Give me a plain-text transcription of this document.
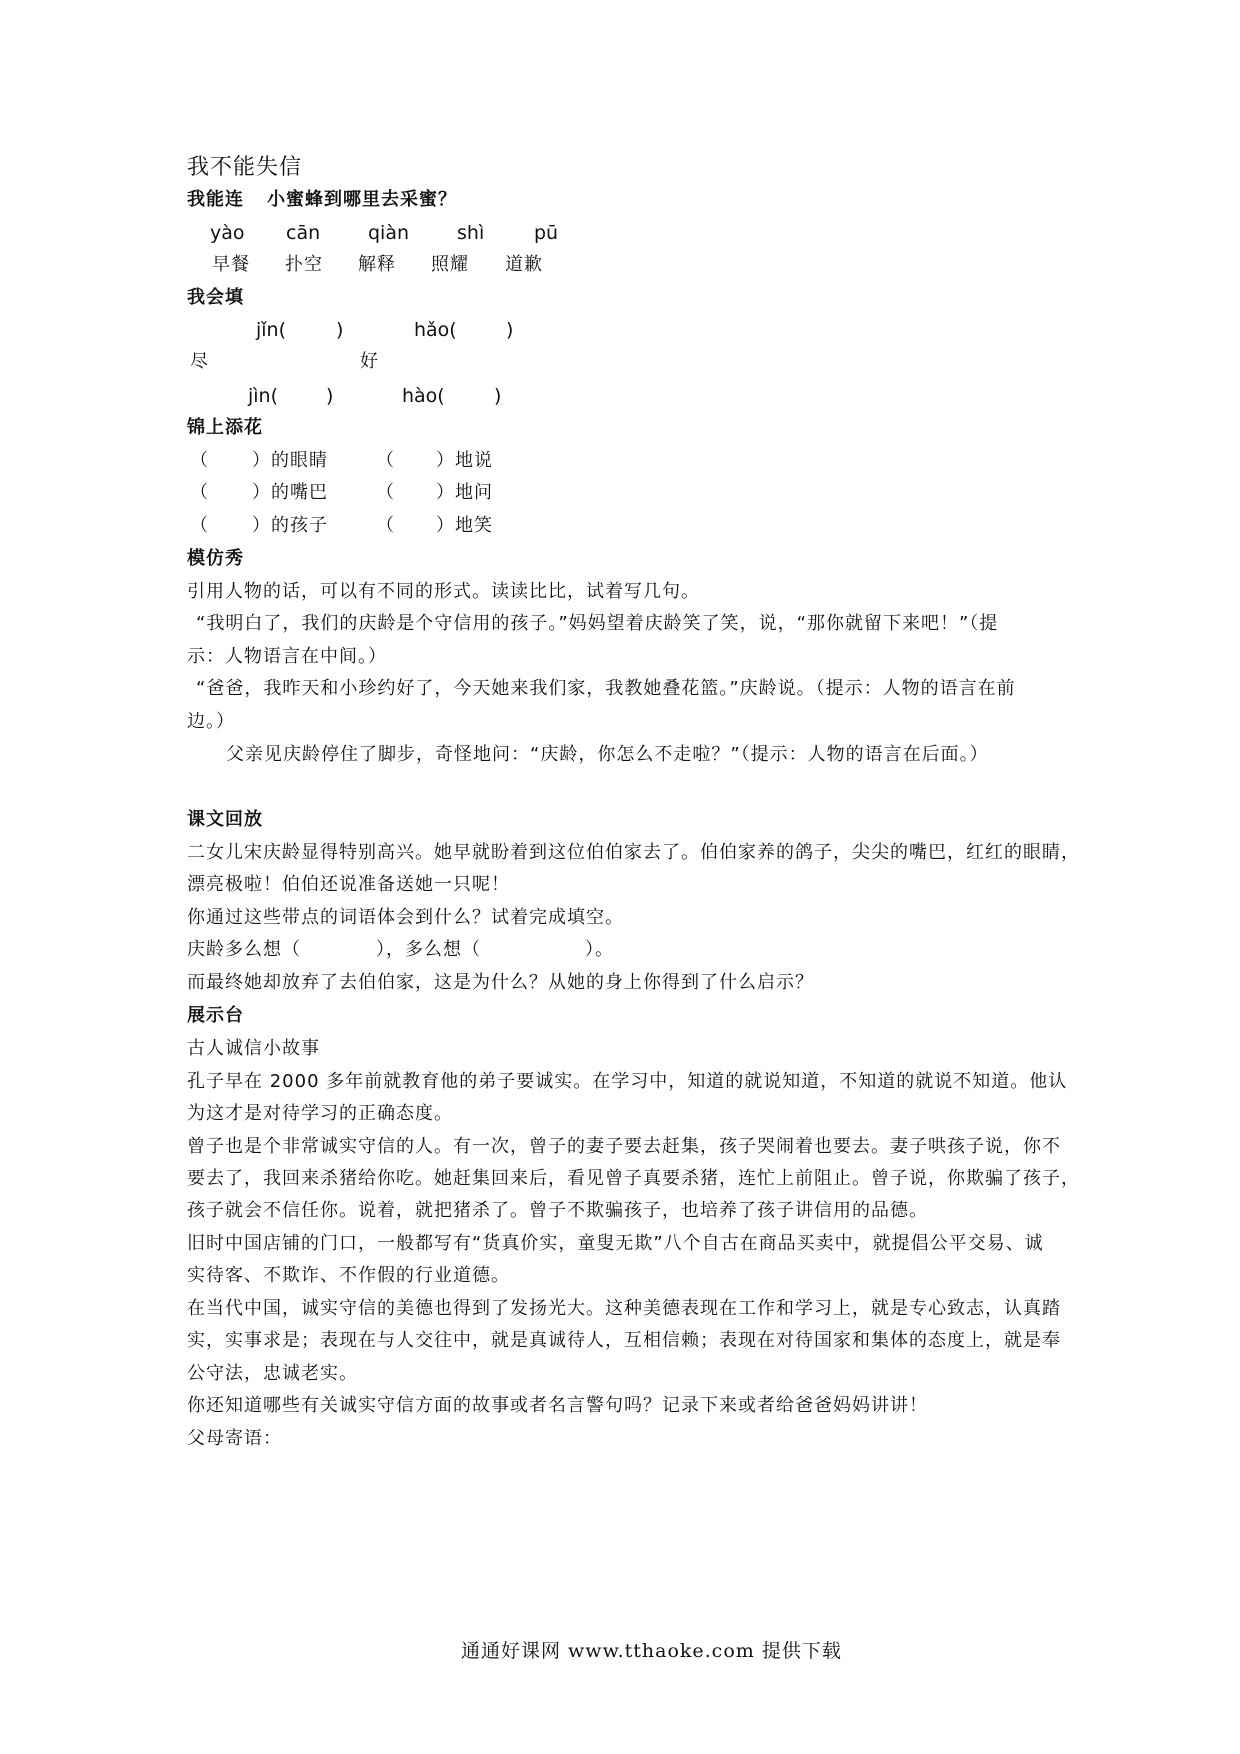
我不能失信
我能连 小蜜蜂到哪里去采蜜？
yào cān	qiàn	shì	pū
早餐 扑空 解释 照耀 道歉
我会填
jǐn(	)	hǎo(	)
尽	好
jìn(	)	hào(	)
锦上添花
（ ）的眼睛	（ ）地说
（ ）的嘴巴	（ ）地问
（ ）的孩子	（ ）地笑
模仿秀
引用人物的话，可以有不同的形式。读读比比，试着写几句。
“我明白了，我们的庆龄是个守信用的孩子。”妈妈望着庆龄笑了笑，说，“那你就留下来吧！”（提
示：人物语言在中间。）
“爸爸，我昨天和小珍约好了，今天她来我们家，我教她叠花篮。”庆龄说。（提示：人物的语言在前
边。）
父亲见庆龄停住了脚步，奇怪地问：“庆龄，你怎么不走啦？”（提示：人物的语言在后面。）
课文回放
二女儿宋庆龄显得特别高兴。她早就盼着到这位伯伯家去了。伯伯家养的鸽子，尖尖的嘴巴，红红的眼睛，
漂亮极啦！伯伯还说准备送她一只呢！
你通过这些带点的词语体会到什么？试着完成填空。
庆龄多么想（	），多么想（	）。
而最终她却放弃了去伯伯家，这是为什么？从她的身上你得到了什么启示？
展示台
古人诚信小故事
孔子早在 2000 多年前就教育他的弟子要诚实。在学习中，知道的就说知道，不知道的就说不知道。他认
为这才是对待学习的正确态度。
曾子也是个非常诚实守信的人。有一次，曾子的妻子要去赶集，孩子哭闹着也要去。妻子哄孩子说，你不
要去了，我回来杀猪给你吃。她赶集回来后，看见曾子真要杀猪，连忙上前阻止。曾子说，你欺骗了孩子，
孩子就会不信任你。说着，就把猪杀了。曾子不欺骗孩子，也培养了孩子讲信用的品德。
旧时中国店铺的门口，一般都写有“货真价实，童叟无欺”八个自古在商品买卖中，就提倡公平交易、诚
实待客、不欺诈、不作假的行业道德。
在当代中国，诚实守信的美德也得到了发扬光大。这种美德表现在工作和学习上，就是专心致志，认真踏
实，实事求是；表现在与人交往中，就是真诚待人，互相信赖；表现在对待国家和集体的态度上，就是奉
公守法，忠诚老实。
你还知道哪些有关诚实守信方面的故事或者名言警句吗？记录下来或者给爸爸妈妈讲讲！
父母寄语：
通通好课网 www.tthaoke.com 提供下载
